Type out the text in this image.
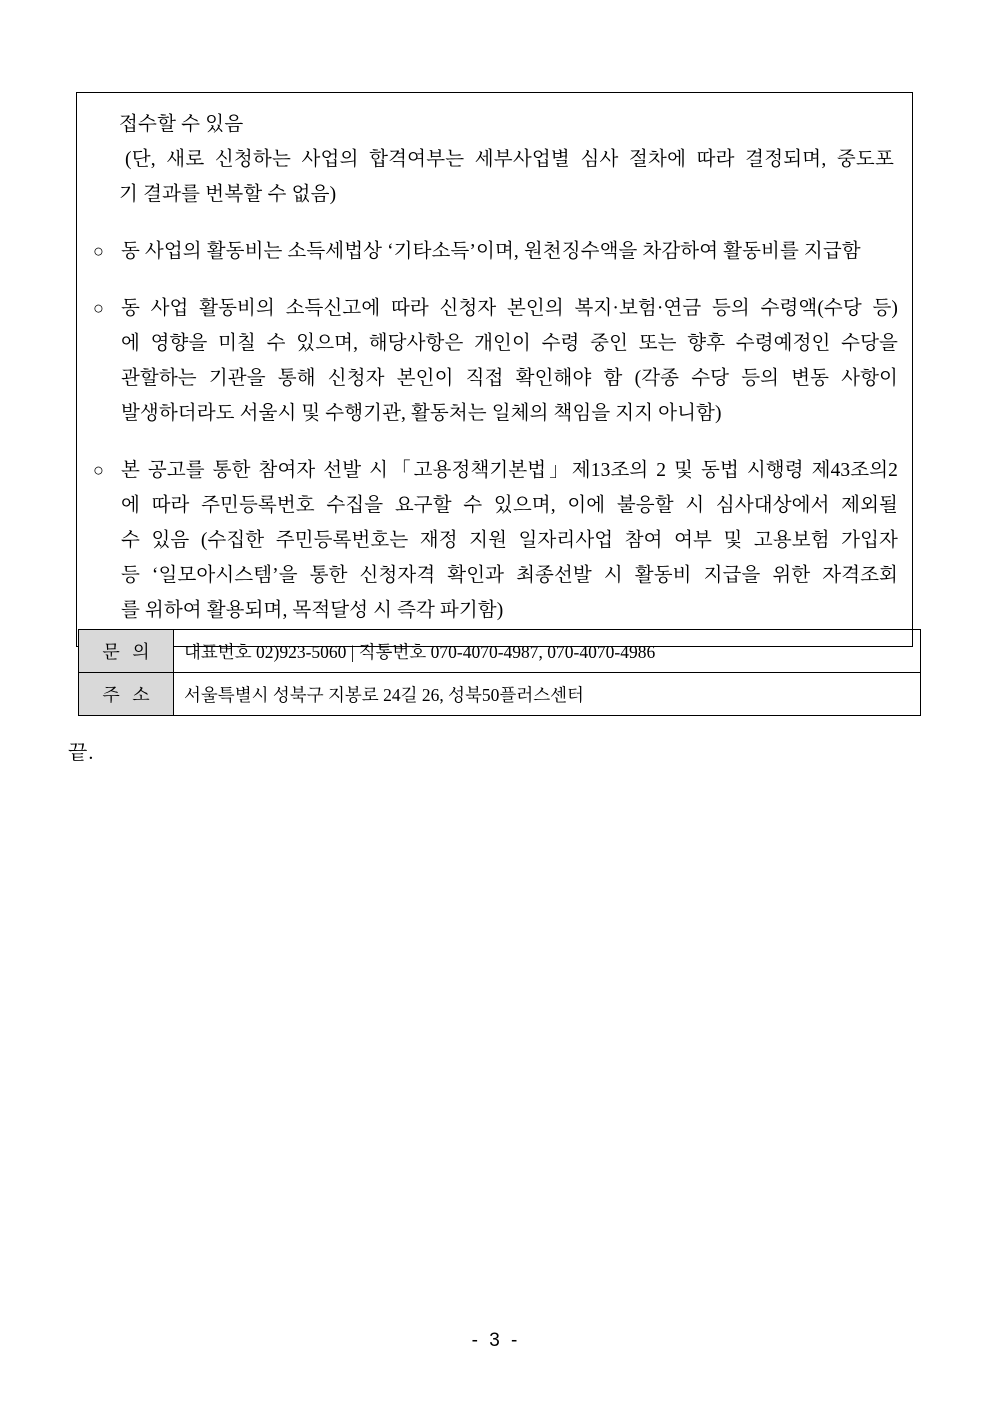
접수할 수 있음
(단, 새로 신청하는 사업의 합격여부는 세부사업별 심사 절차에 따라 결정되며, 중도포
기 결과를 번복할 수 없음)
○ 동 사업의 활동비는 소득세법상 ‘기타소득’이며, 원천징수액을 차감하여 활동비를 지급함

○ 동 사업 활동비의 소득신고에 따라 신청자 본인의 복지·보험·연금 등의 수령액(수당 등)
에 영향을 미칠 수 있으며, 해당사항은 개인이 수령 중인 또는 향후 수령예정인 수당을
관할하는 기관을 통해 신청자 본인이 직접 확인해야 함 (각종 수당 등의 변동 사항이
발생하더라도 서울시 및 수행기관, 활동처는 일체의 책임을 지지 아니함)

○ 본 공고를 통한 참여자 선발 시「고용정책기본법」제13조의 2 및 동법 시행령 제43조의2
에 따라 주민등록번호 수집을 요구할 수 있으며, 이에 불응할 시 심사대상에서 제외될
수 있음 (수집한 주민등록번호는 재정 지원 일자리사업 참여 여부 및 고용보험 가입자
등 ‘일모아시스템’을 통한 신청자격 확인과 최종선발 시 활동비 지급을 위한 자격조회
를 위하여 활용되며, 목적달성 시 즉각 파기함)

문 의	대표번호 02)923-5060 | 직통번호 070-4070-4987, 070-4070-4986
주 소	서울특별시 성북구 지봉로 24길 26, 성북50플러스센터
끝.
- 3 -
